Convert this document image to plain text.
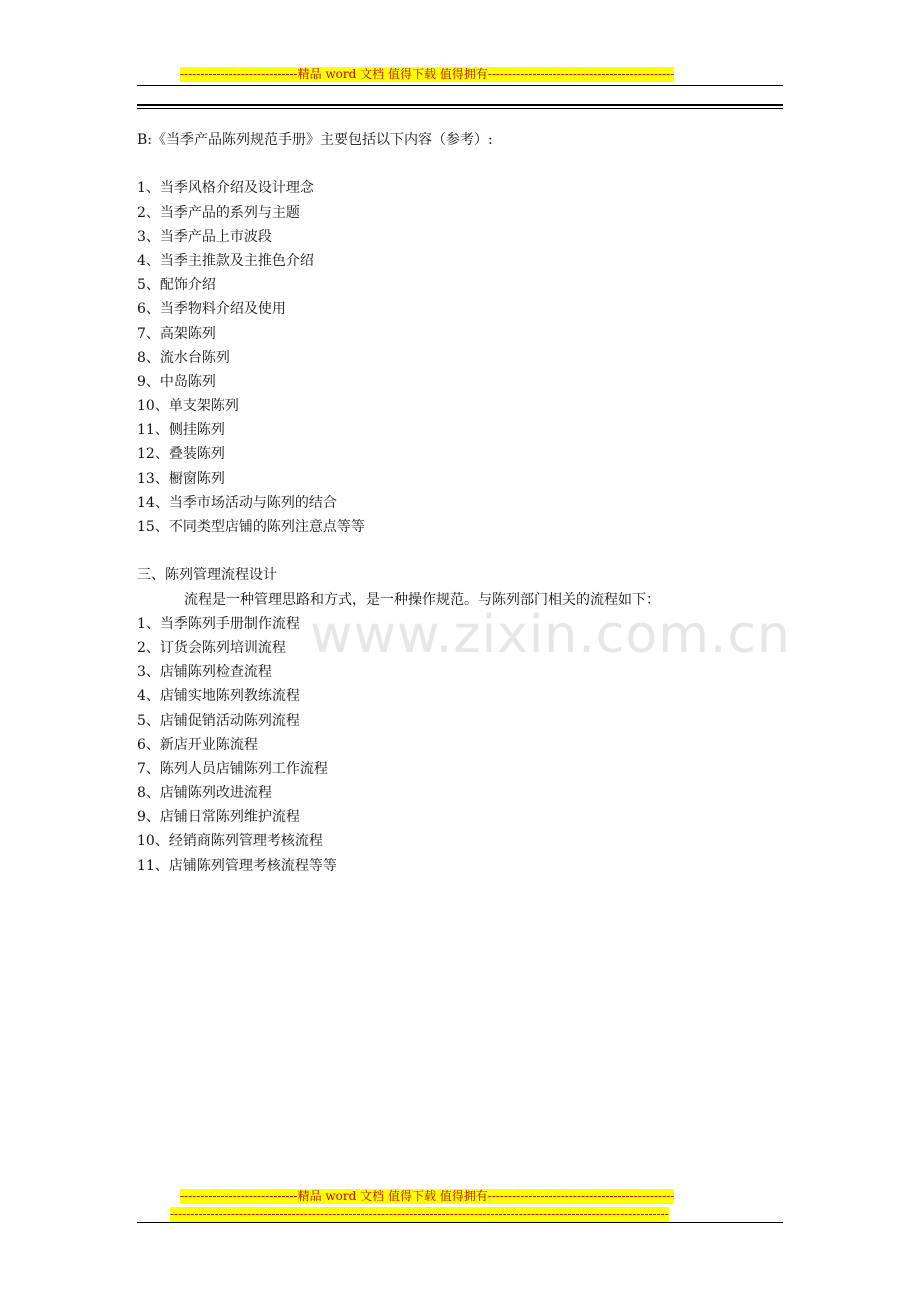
www.zixin.com.cn
-----------------------------精品 word 文档 值得下载 值得拥有----------------------------------------------
B:《当季产品陈列规范手册》主要包括以下内容（参考）:
1、当季风格介绍及设计理念
2、当季产品的系列与主题
3、当季产品上市波段
4、当季主推款及主推色介绍
5、配饰介绍
6、当季物料介绍及使用
7、高架陈列
8、流水台陈列
9、中岛陈列
10、单支架陈列
11、侧挂陈列
12、叠装陈列
13、橱窗陈列
14、当季市场活动与陈列的结合
15、不同类型店铺的陈列注意点等等
三、陈列管理流程设计
流程是一种管理思路和方式，是一种操作规范。与陈列部门相关的流程如下：
1、当季陈列手册制作流程
2、订货会陈列培训流程
3、店铺陈列检查流程
4、店铺实地陈列教练流程
5、店铺促销活动陈列流程
6、新店开业陈流程
7、陈列人员店铺陈列工作流程
8、店铺陈列改进流程
9、店铺日常陈列维护流程
10、经销商陈列管理考核流程
11、店铺陈列管理考核流程等等
-----------------------------精品 word 文档 值得下载 值得拥有----------------------------------------------
---------------------------------------------------------------------------------------------------------------------------
